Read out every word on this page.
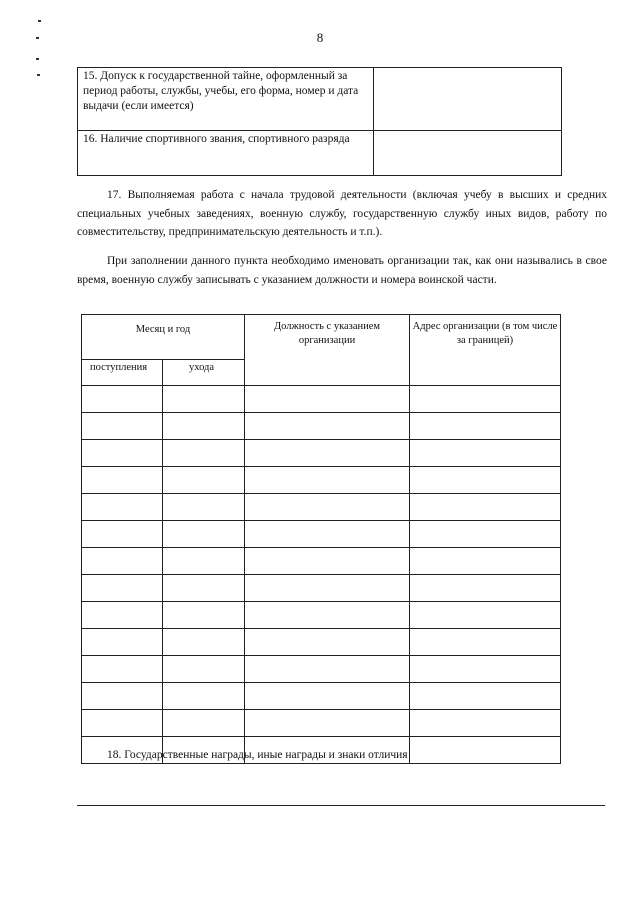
8
15. Допуск к государственной тайне, оформленный за период работы, службы, учебы, его форма, номер и дата выдачи (если имеется)	
16. Наличие спортивного звания, спортивного разряда	
17. Выполняемая работа с начала трудовой деятельности (включая учебу в высших и средних специальных учебных заведениях, военную службу, государственную службу иных видов, работу по совместительству, предпринимательскую деятельность и т.п.).
При заполнении данного пункта необходимо именовать организации так, как они назывались в свое время, военную службу записывать с указанием должности и номера воинской части.
Месяц и год		Должность с указанием организации	Адрес организации (в том числе за границей)
поступления	ухода		

18. Государственные награды, иные награды и знаки отличия
